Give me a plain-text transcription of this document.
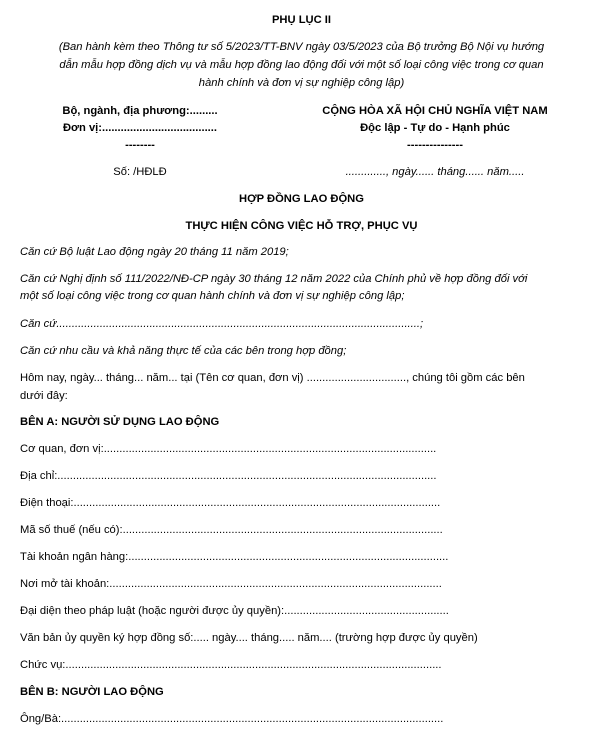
PHỤ LỤC II
(Ban hành kèm theo Thông tư số 5/2023/TT-BNV ngày 03/5/2023 của Bộ trưởng Bộ Nội vụ hướng
dẫn mẫu hợp đồng dịch vụ và mẫu hợp đồng lao động đối với một số loại công việc trong cơ quan
hành chính và đơn vị sự nghiệp công lập)
Bộ, ngành, địa phương:.........
Đơn vị:.....................................
--------
CỘNG HÒA XÃ HỘI CHỦ NGHĨA VIỆT NAM
Độc lập - Tự do - Hạnh phúc
---------------
Số: /HĐLĐ	............., ngày...... tháng...... năm.....
HỢP ĐỒNG LAO ĐỘNG
THỰC HIỆN CÔNG VIỆC HỖ TRỢ, PHỤC VỤ
Căn cứ Bộ luật Lao động ngày 20 tháng 11 năm 2019;
Căn cứ Nghị định số 111/2022/NĐ-CP ngày 30 tháng 12 năm 2022 của Chính phủ về hợp đồng đối với
một số loại công việc trong cơ quan hành chính và đơn vị sự nghiệp công lập;
Căn cứ.....................................................................................................................;
Căn cứ nhu cầu và khả năng thực tế của các bên trong hợp đồng;
Hôm nay, ngày... tháng... năm... tại (Tên cơ quan, đơn vị) ................................, chúng tôi gồm các bên
dưới đây:
BÊN A: NGƯỜI SỬ DỤNG LAO ĐỘNG
Cơ quan, đơn vị:...........................................................................................................
Địa chỉ:..........................................................................................................................
Điện thoại:......................................................................................................................
Mã số thuế (nếu có):.......................................................................................................
Tài khoản ngân hàng:.......................................................................................................
Nơi mở tài khoản:...........................................................................................................
Đại diện theo pháp luật (hoặc người được ủy quyền):.....................................................
Văn bản ủy quyền ký hợp đồng số:..... ngày.... tháng..... năm.... (trường hợp được ủy quyền)
Chức vụ:.........................................................................................................................
BÊN B: NGƯỜI LAO ĐỘNG
Ông/Bà:...........................................................................................................................
